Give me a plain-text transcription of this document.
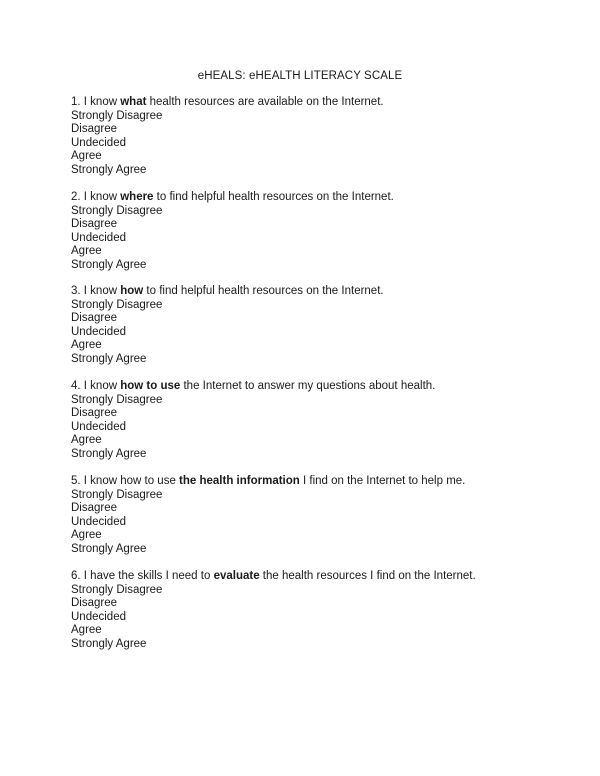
eHEALS: eHEALTH LITERACY SCALE
1. I know what health resources are available on the Internet.
Strongly Disagree
Disagree
Undecided
Agree
Strongly Agree
2. I know where to find helpful health resources on the Internet.
Strongly Disagree
Disagree
Undecided
Agree
Strongly Agree
3. I know how to find helpful health resources on the Internet.
Strongly Disagree
Disagree
Undecided
Agree
Strongly Agree
4. I know how to use the Internet to answer my questions about health.
Strongly Disagree
Disagree
Undecided
Agree
Strongly Agree
5. I know how to use the health information I find on the Internet to help me.
Strongly Disagree
Disagree
Undecided
Agree
Strongly Agree
6. I have the skills I need to evaluate the health resources I find on the Internet.
Strongly Disagree
Disagree
Undecided
Agree
Strongly Agree
